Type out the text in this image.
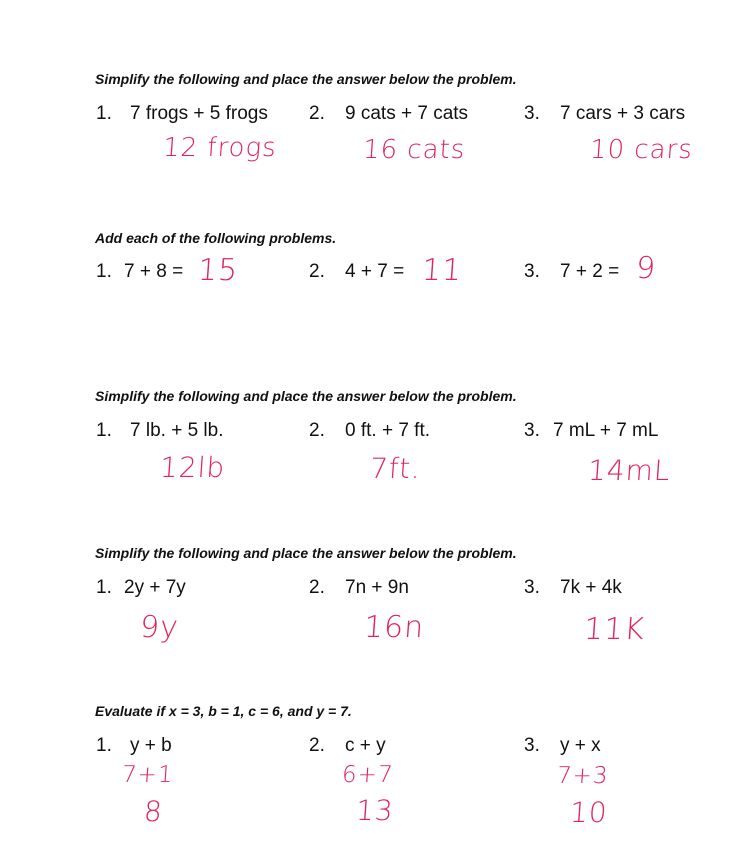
Simplify the following and place the answer below the problem.
1. 7 frogs + 5 frogs 2. 9 cats + 7 cats	3. 7 cars + 3 cars
12 frogs	16 cats	10 cars
Add each of the following problems.
1. 7 + 8 = 15	2. 4 + 7 = 11	3. 7 + 2 = 9
Simplify the following and place the answer below the problem.
1. 7 lb. + 5 lb.	2. 0 ft. + 7 ft.	3. 7 mL + 7 mL
12lb	7ft.	14mL
Simplify the following and place the answer below the problem.
1. 2y + 7y	2. 7n + 9n	3. 7k + 4k
9y	16n	11K
Evaluate if x = 3, b = 1, c = 6, and y = 7.
1. y + b	2. c + y	3. y + x
7+1	6+7	7+3
8	13	10
